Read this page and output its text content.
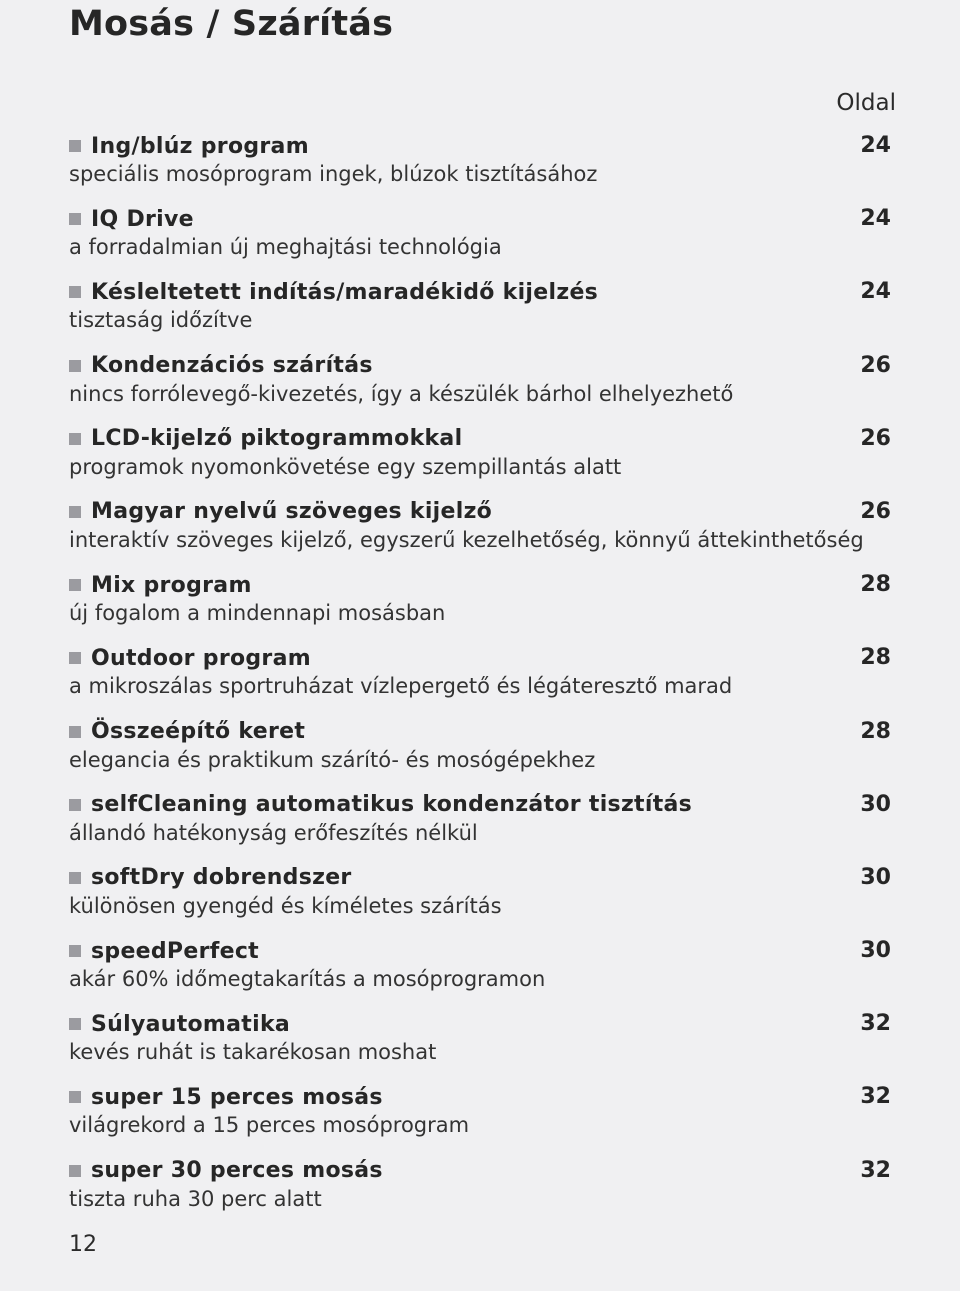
Mosás / Szárítás
Oldal
Ing/blúz program	24
speciális mosóprogram ingek, blúzok tisztításához
IQ Drive	24
a forradalmian új meghajtási technológia
Késleltetett indítás/maradékidő kijelzés	24
tisztaság időzítve
Kondenzációs szárítás	26
nincs forrólevegő-kivezetés, így a készülék bárhol elhelyezhető
LCD-kijelző piktogrammokkal	26
programok nyomonkövetése egy szempillantás alatt
Magyar nyelvű szöveges kijelző	26
interaktív szöveges kijelző, egyszerű kezelhetőség, könnyű áttekinthetőség
Mix program	28
új fogalom a mindennapi mosásban
Outdoor program	28
a mikroszálas sportruházat vízlepergető és légáteresztő marad
Összeépítő keret	28
elegancia és praktikum szárító- és mosógépekhez
selfCleaning automatikus kondenzátor tisztítás	30
állandó hatékonyság erőfeszítés nélkül
softDry dobrendszer	30
különösen gyengéd és kíméletes szárítás
speedPerfect	30
akár 60% időmegtakarítás a mosóprogramon
Súlyautomatika	32
kevés ruhát is takarékosan moshat
super 15 perces mosás	32
világrekord a 15 perces mosóprogram
super 30 perces mosás	32
tiszta ruha 30 perc alatt
12
